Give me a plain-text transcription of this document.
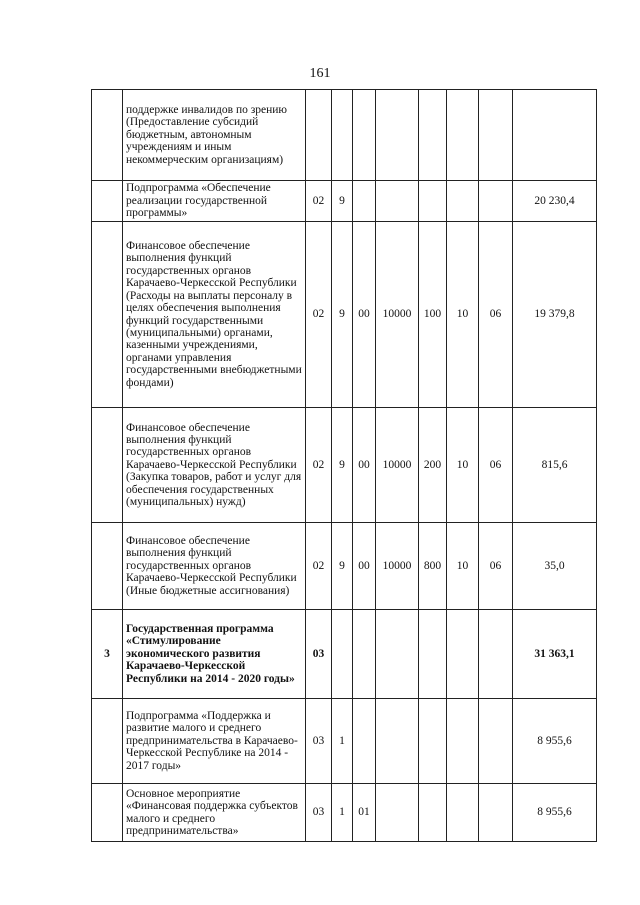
161
	поддержке инвалидов по зрению (Предоставление субсидий бюджетным, автономным учреждениям и иным некоммерческим организациям)								
	Подпрограмма «Обеспечение реализации государственной программы»	02	9						20 230,4
	Финансовое обеспечение выполнения функций государственных органов Карачаево-Черкесской Республики (Расходы на выплаты персоналу в целях обеспечения выполнения функций государственными (муниципальными) органами, казенными учреждениями, органами управления государственными внебюджетными фондами)	02	9	00	10000	100	10	06	19 379,8
	Финансовое обеспечение выполнения функций государственных органов Карачаево-Черкесской Республики (Закупка товаров, работ и услуг для обеспечения государственных (муниципальных) нужд)	02	9	00	10000	200	10	06	815,6
	Финансовое обеспечение выполнения функций государственных органов Карачаево-Черкесской Республики (Иные бюджетные ассигнования)	02	9	00	10000	800	10	06	35,0
3	Государственная программа «Стимулирование экономического развития Карачаево-Черкесской Республики на 2014 - 2020 годы»	03							31 363,1
	Подпрограмма «Поддержка и развитие малого и среднего предпринимательства в Карачаево-Черкесской Республике на 2014 - 2017 годы»	03	1						8 955,6
	Основное мероприятие «Финансовая поддержка субъектов малого и среднего предпринимательства»	03	1	01					8 955,6
